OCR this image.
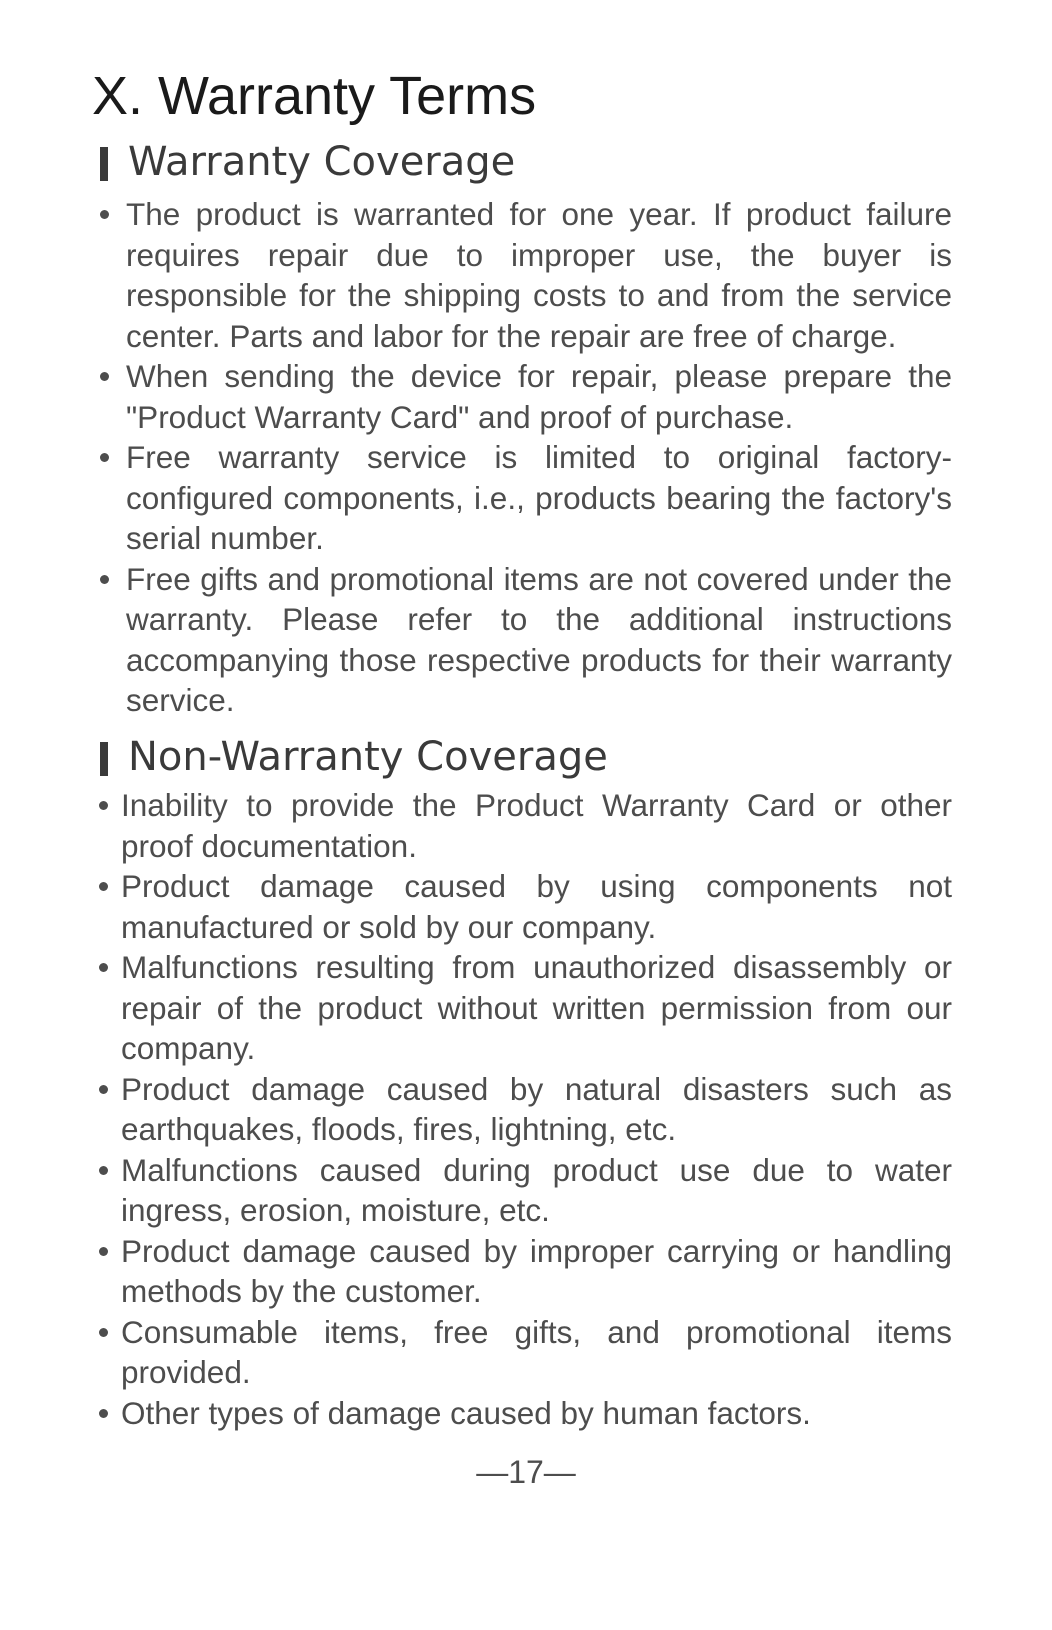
X. Warranty Terms
Warranty Coverage
The product is warranted for one year. If product failure requires repair due to improper use, the buyer is responsible for the shipping costs to and from the service center. Parts and labor for the repair are free of charge.
When sending the device for repair, please prepare the "Product Warranty Card" and proof of purchase.
Free warranty service is limited to original factory-configured components, i.e., products bearing the factory's serial number.
Free gifts and promotional items are not covered under the warranty. Please refer to the additional instructions accompanying those respective products for their warranty service.
Non-Warranty Coverage
Inability to provide the Product Warranty Card or other proof documentation.
Product damage caused by using components not manufactured or sold by our company.
Malfunctions resulting from unauthorized disassembly or repair of the product without written permission from our company.
Product damage caused by natural disasters such as earthquakes, floods, fires, lightning, etc.
Malfunctions caused during product use due to water ingress, erosion, moisture, etc.
Product damage caused by improper carrying or handling methods by the customer.
Consumable items, free gifts, and promotional items provided.
Other types of damage caused by human factors.
—17—
